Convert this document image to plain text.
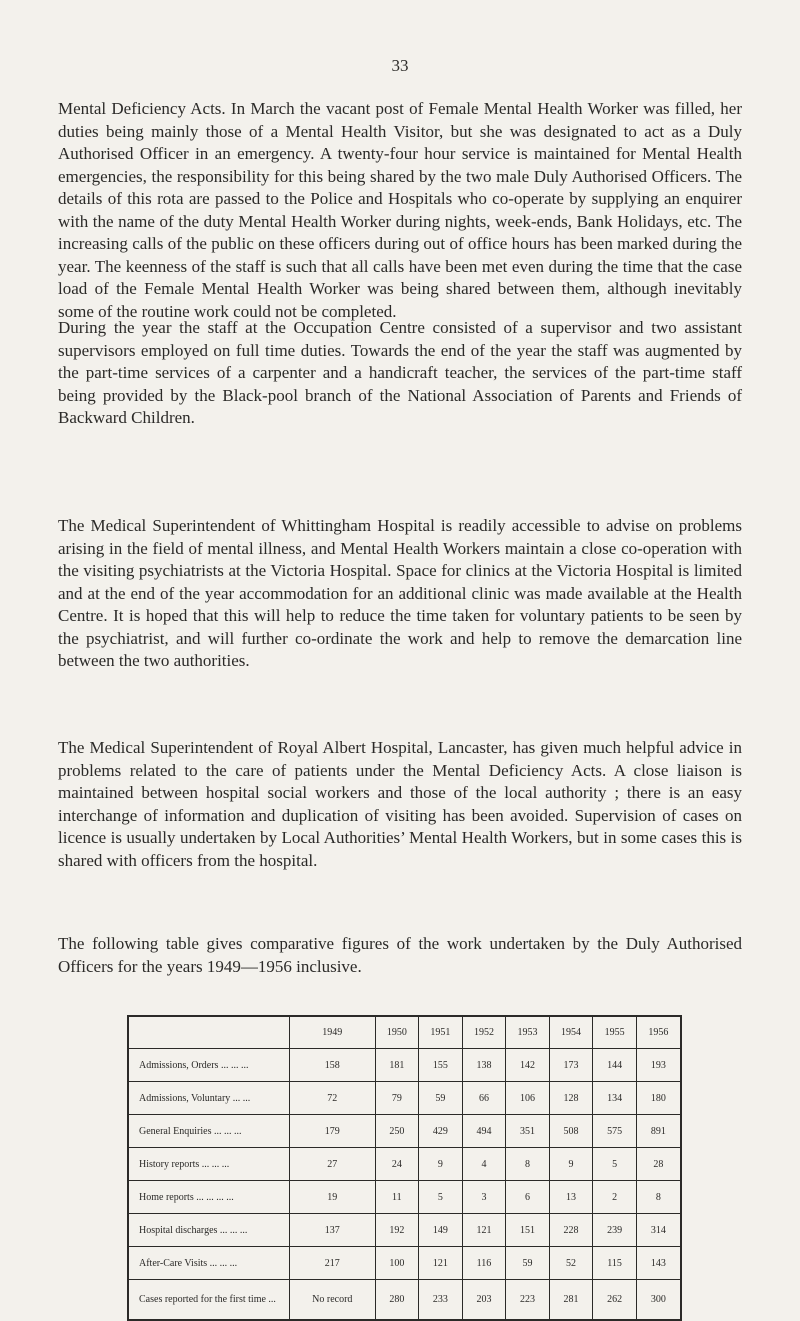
33

Mental Deficiency Acts. In March the vacant post of Female Mental Health Worker was filled, her duties being mainly those of a Mental Health Visitor, but she was designated to act as a Duly Authorised Officer in an emergency. A twenty-four hour service is maintained for Mental Health emergencies, the responsibility for this being shared by the two male Duly Authorised Officers. The details of this rota are passed to the Police and Hospitals who co-operate by supplying an enquirer with the name of the duty Mental Health Worker during nights, week-ends, Bank Holidays, etc. The increasing calls of the public on these officers during out of office hours has been marked during the year. The keenness of the staff is such that all calls have been met even during the time that the case load of the Female Mental Health Worker was being shared between them, although inevitably some of the routine work could not be completed.

During the year the staff at the Occupation Centre consisted of a supervisor and two assistant supervisors employed on full time duties. Towards the end of the year the staff was augmented by the part-time services of a carpenter and a handicraft teacher, the services of the part-time staff being provided by the Black-pool branch of the National Association of Parents and Friends of Backward Children.

The Medical Superintendent of Whittingham Hospital is readily accessible to advise on problems arising in the field of mental illness, and Mental Health Workers maintain a close co-operation with the visiting psychiatrists at the Victoria Hospital. Space for clinics at the Victoria Hospital is limited and at the end of the year accommodation for an additional clinic was made available at the Health Centre. It is hoped that this will help to reduce the time taken for voluntary patients to be seen by the psychiatrist, and will further co-ordinate the work and help to remove the demarcation line between the two authorities.

The Medical Superintendent of Royal Albert Hospital, Lancaster, has given much helpful advice in problems related to the care of patients under the Mental Deficiency Acts. A close liaison is maintained between hospital social workers and those of the local authority ; there is an easy interchange of information and duplication of visiting has been avoided. Supervision of cases on licence is usually undertaken by Local Authorities’ Mental Health Workers, but in some cases this is shared with officers from the hospital.

The following table gives comparative figures of the work undertaken by the Duly Authorised Officers for the years 1949—1956 inclusive.

	1949	1950	1951	1952	1953	1954	1955	1956
Admissions, Orders ... ... ...	158	181	155	138	142	173	144	193
Admissions, Voluntary ... ...	72	79	59	66	106	128	134	180
General Enquiries ... ... ...	179	250	429	494	351	508	575	891
History reports ... ... ...	27	24	9	4	8	9	5	28
Home reports ... ... ... ...	19	11	5	3	6	13	2	8
Hospital discharges ... ... ...	137	192	149	121	151	228	239	314
After-Care Visits ... ... ...	217	100	121	116	59	52	115	143
Cases reported for the first time ...	No record	280	233	203	223	281	262	300
